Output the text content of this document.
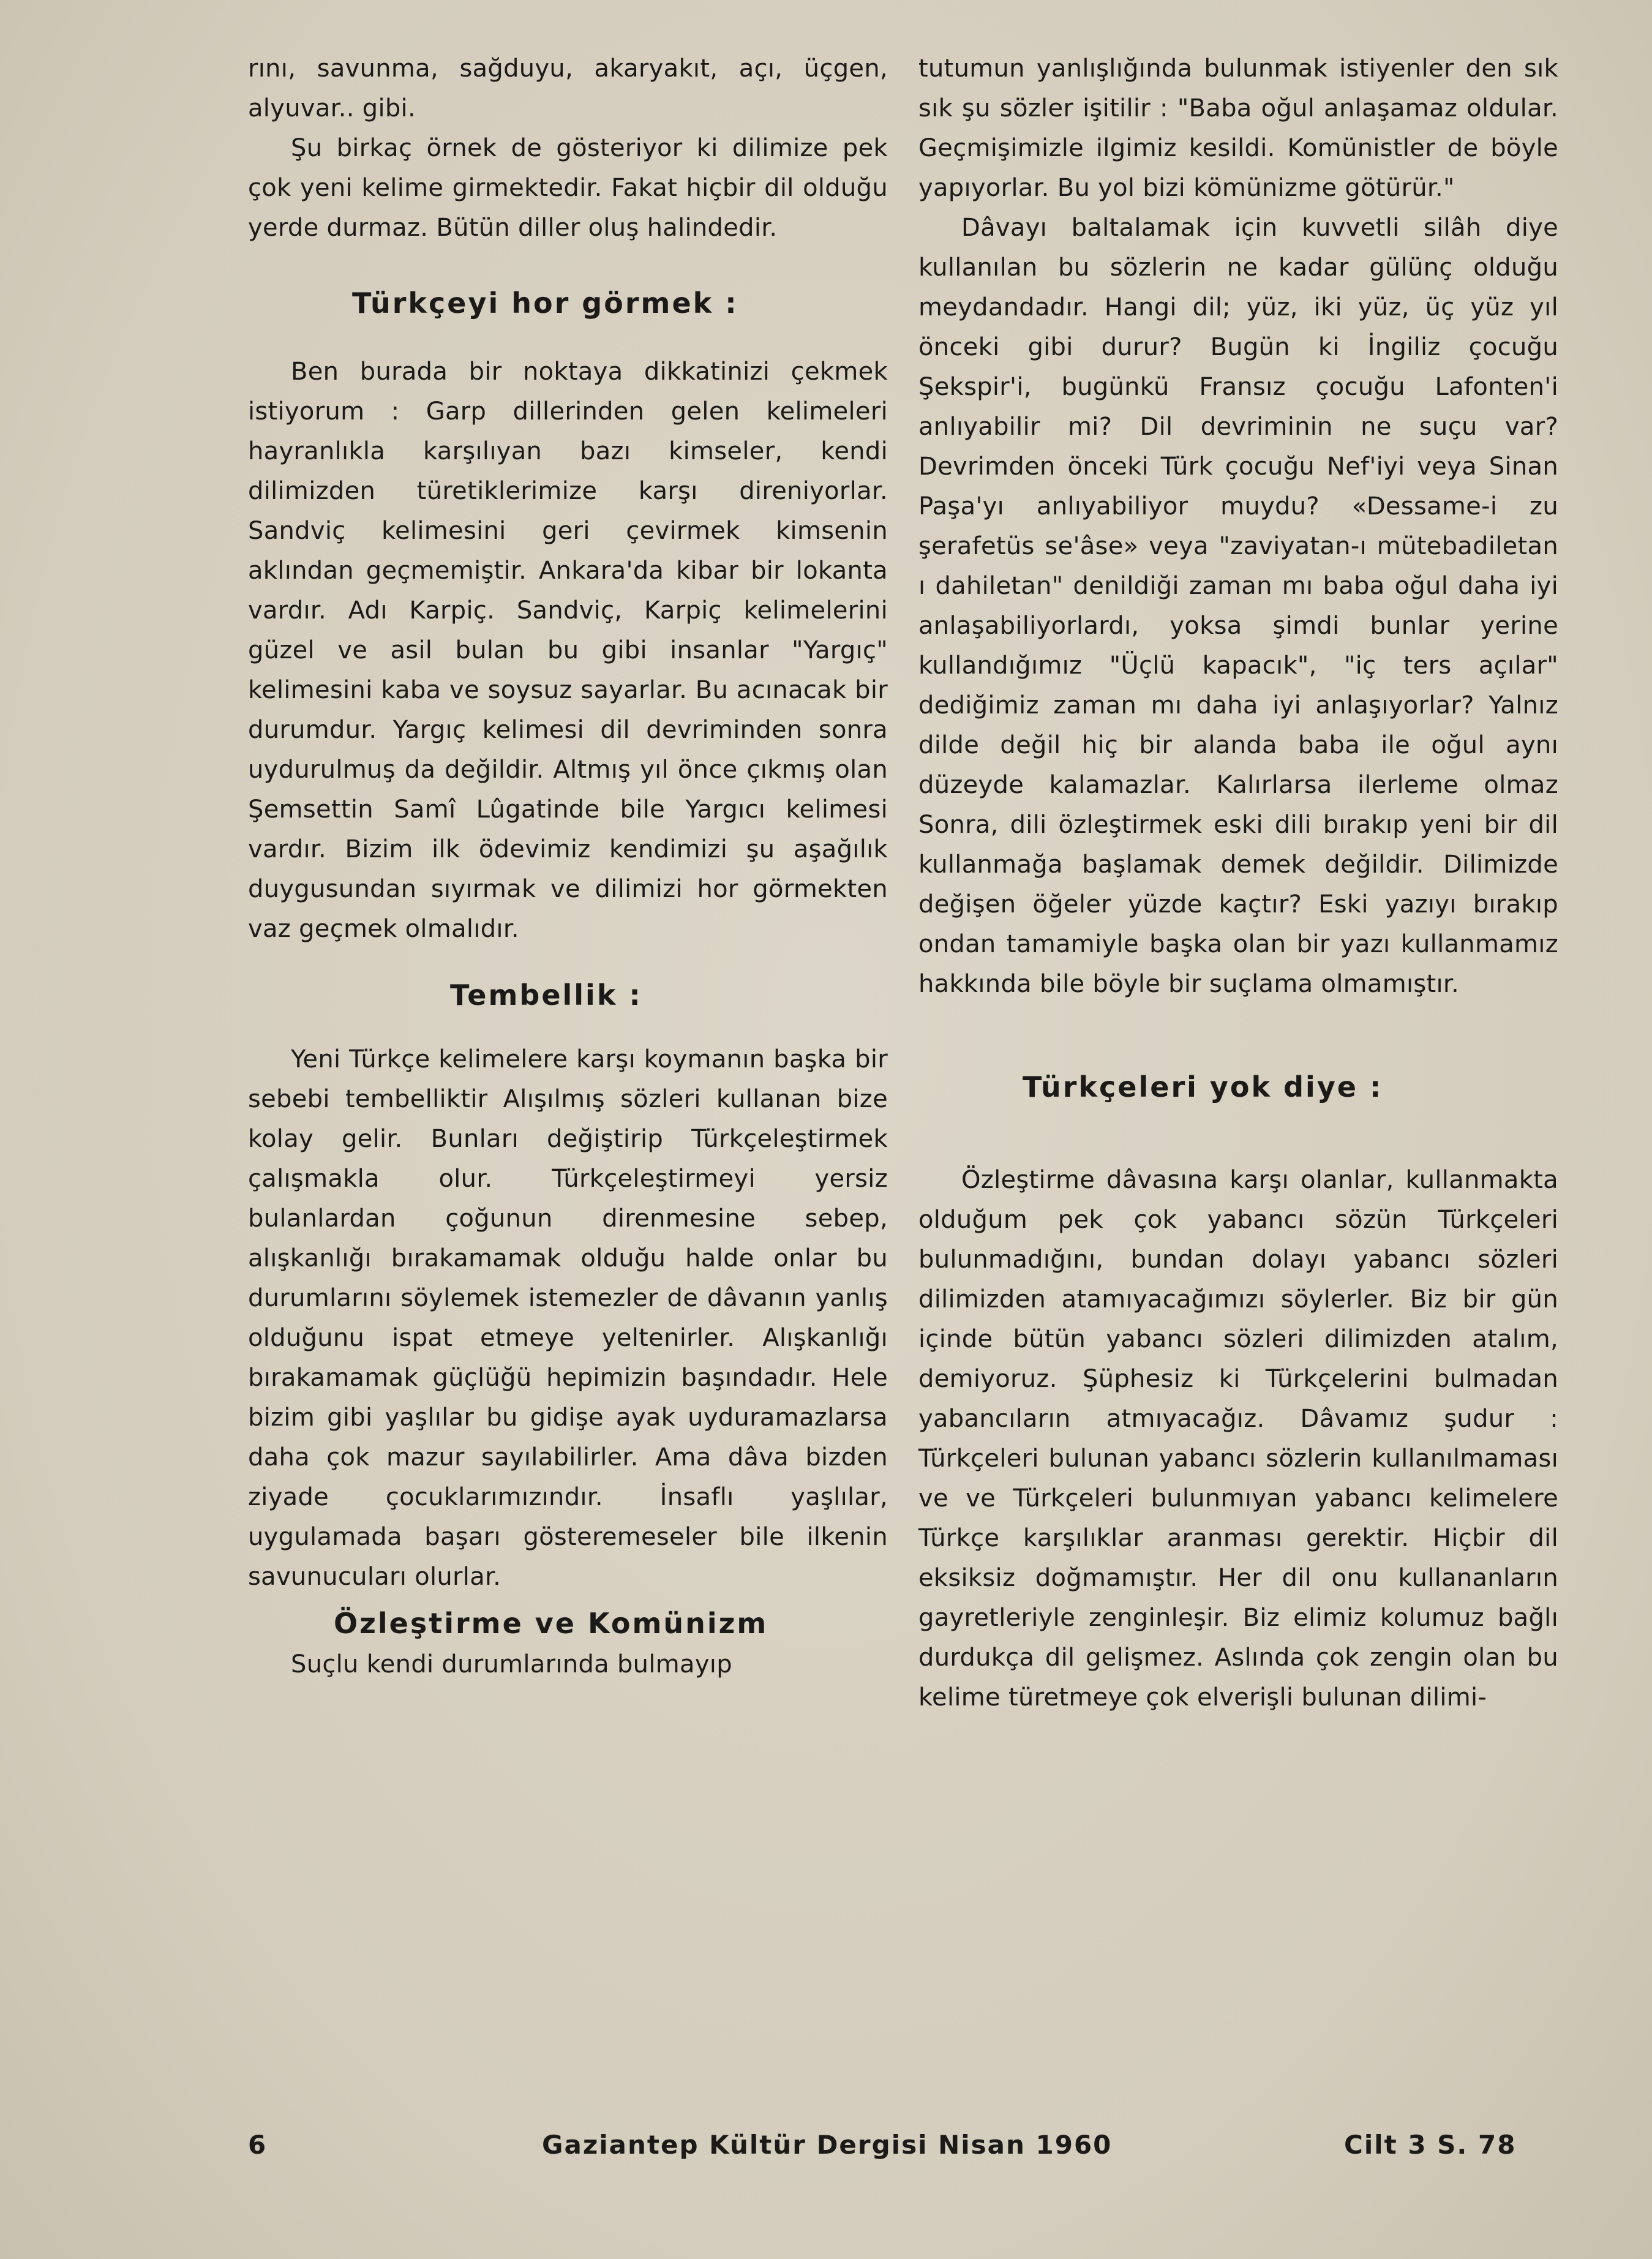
rını, savunma, sağduyu, akaryakıt, açı, üçgen, alyuvar.. gibi.

Şu birkaç örnek de gösteriyor ki dilimize pek çok yeni kelime girmektedir. Fakat hiçbir dil olduğu yerde durmaz. Bütün diller oluş halindedir.

Türkçeyi hor görmek :

Ben burada bir noktaya dikkatinizi çekmek istiyorum : Garp dillerinden gelen kelimeleri hayranlıkla karşılıyan bazı kimseler, kendi dilimizden türetiklerimize karşı direniyorlar. Sandviç kelimesini geri çevirmek kimsenin aklından geçmemiştir. Ankara'da kibar bir lokanta vardır. Adı Karpiç. Sandviç, Karpiç kelimelerini güzel ve asil bulan bu gibi insanlar "Yargıç" kelimesini kaba ve soysuz sayarlar. Bu acınacak bir durumdur. Yargıç kelimesi dil devriminden sonra uydurulmuş da değildir. Altmış yıl önce çıkmış olan Şemsettin Samî Lûgatinde bile Yargıcı kelimesi vardır. Bizim ilk ödevimiz kendimizi şu aşağılık duygusundan sıyırmak ve dilimizi hor görmekten vaz geçmek olmalıdır.

Tembellik :

Yeni Türkçe kelimelere karşı koymanın başka bir sebebi tembelliktir Alışılmış sözleri kullanan bize kolay gelir. Bunları değiştirip Türkçeleştirmek çalışmakla olur. Türkçeleştirmeyi yersiz bulanlardan çoğunun direnmesine sebep, alışkanlığı bırakamamak olduğu halde onlar bu durumlarını söylemek istemezler de dâvanın yanlış olduğunu ispat etmeye yeltenirler. Alışkanlığı bırakamamak güçlüğü hepimizin başındadır. Hele bizim gibi yaşlılar bu gidişe ayak uyduramazlarsa daha çok mazur sayılabilirler. Ama dâva bizden ziyade çocuklarımızındır. İnsaflı yaşlılar, uygulamada başarı gösteremeseler bile ilkenin savunucuları olurlar.

Özleştirme ve Komünizm

Suçlu kendi durumlarında bulmayıp

tutumun yanlışlığında bulunmak istiyenler den sık sık şu sözler işitilir : "Baba oğul anlaşamaz oldular. Geçmişimizle ilgimiz kesildi. Komünistler de böyle yapıyorlar. Bu yol bizi kömünizme götürür."

Dâvayı baltalamak için kuvvetli silâh diye kullanılan bu sözlerin ne kadar gülünç olduğu meydandadır. Hangi dil; yüz, iki yüz, üç yüz yıl önceki gibi durur? Bugün ki İngiliz çocuğu Şekspir'i, bugünkü Fransız çocuğu Lafonten'i anlıyabilir mi? Dil devriminin ne suçu var? Devrimden önceki Türk çocuğu Nef'iyi veya Sinan Paşa'yı anlıyabiliyor muydu? «Dessame-i zu şerafetüs se'âse» veya "zaviyatan-ı mütebadiletan ı dahiletan" denildiği zaman mı baba oğul daha iyi anlaşabiliyorlardı, yoksa şimdi bunlar yerine kullandığımız "Üçlü kapacık", "iç ters açılar" dediğimiz zaman mı daha iyi anlaşıyorlar? Yalnız dilde değil hiç bir alanda baba ile oğul aynı düzeyde kalamazlar. Kalırlarsa ilerleme olmaz Sonra, dili özleştirmek eski dili bırakıp yeni bir dil kullanmağa başlamak demek değildir. Dilimizde değişen öğeler yüzde kaçtır? Eski yazıyı bırakıp ondan tamamiyle başka olan bir yazı kullanmamız hakkında bile böyle bir suçlama olmamıştır.

Türkçeleri yok diye :

Özleştirme dâvasına karşı olanlar, kullanmakta olduğum pek çok yabancı sözün Türkçeleri bulunmadığını, bundan dolayı yabancı sözleri dilimizden atamıyacağımızı söylerler. Biz bir gün içinde bütün yabancı sözleri dilimizden atalım, demiyoruz. Şüphesiz ki Türkçelerini bulmadan yabancıların atmıyacağız. Dâvamız şudur : Türkçeleri bulunan yabancı sözlerin kullanılmaması ve ve Türkçeleri bulunmıyan yabancı kelimelere Türkçe karşılıklar aranması gerektir. Hiçbir dil eksiksiz doğmamıştır. Her dil onu kullananların gayretleriyle zenginleşir. Biz elimiz kolumuz bağlı durdukça dil gelişmez. Aslında çok zengin olan bu kelime türetmeye çok elverişli bulunan dilimi-

6	Gaziantep Kültür Dergisi Nisan 1960	Cilt 3 S. 78
